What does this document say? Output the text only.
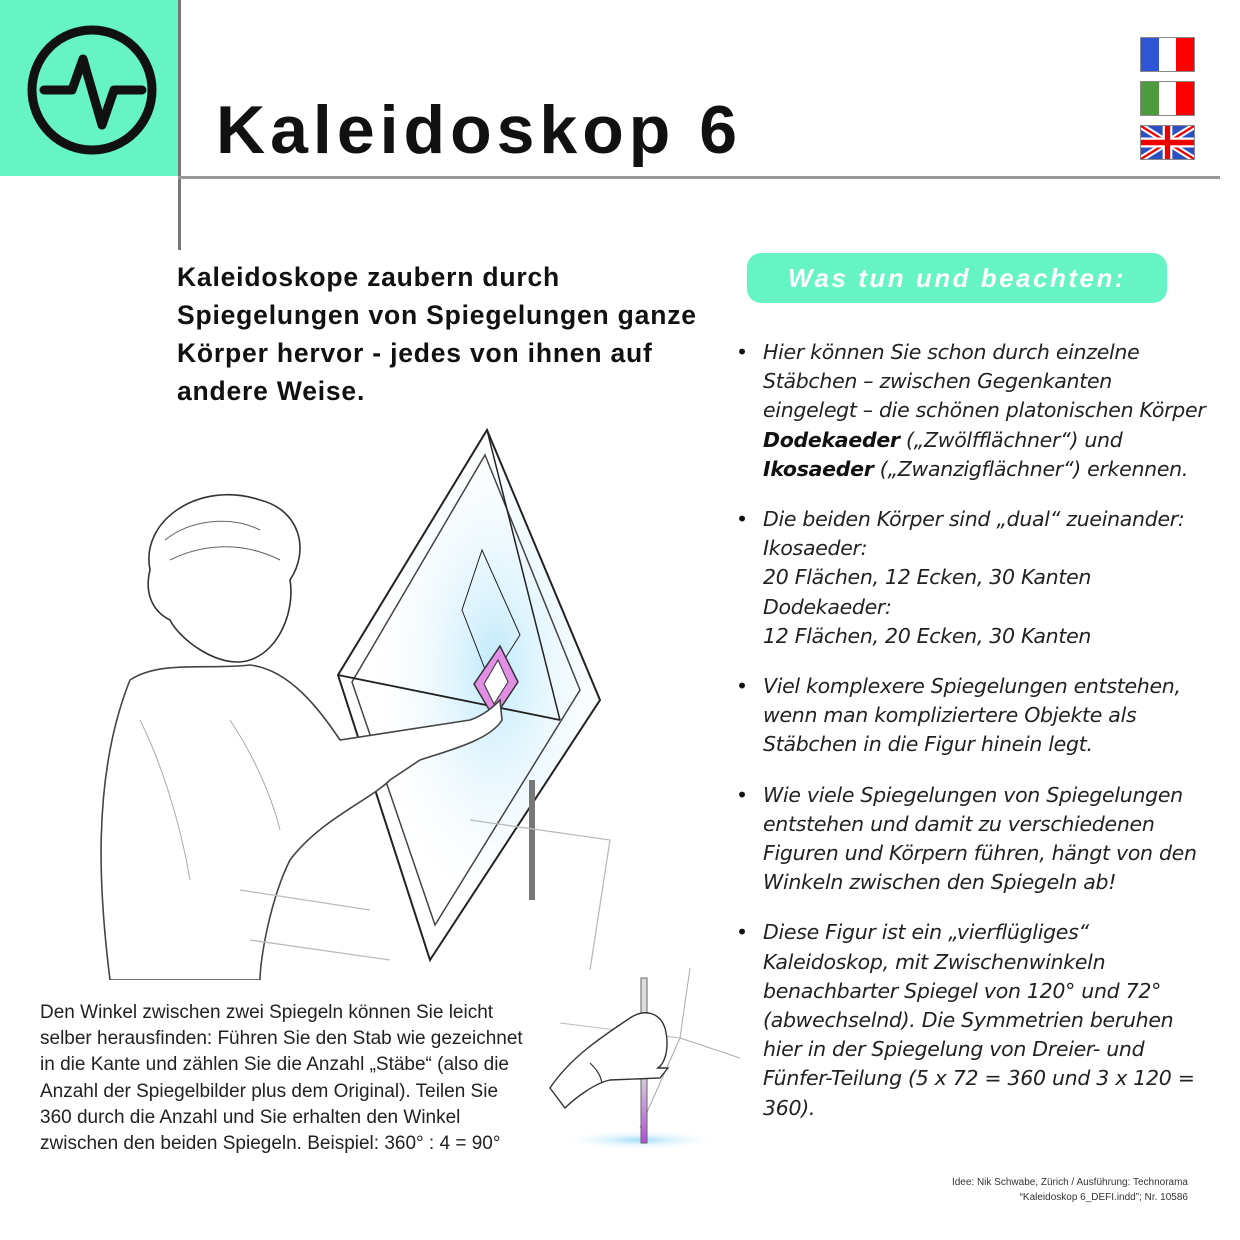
Kaleidoskop 6

Kaleidoskope zaubern durch Spiegelungen von Spiegelungen ganze Körper hervor - jedes von ihnen auf andere Weise.

Was tun und beachten:
• Hier können Sie schon durch einzelne Stäbchen – zwischen Gegenkanten eingelegt – die schönen platonischen Körper Dodekaeder („Zwölfflächner“) und Ikosaeder („Zwanzigflächner“) erkennen.
• Die beiden Körper sind „dual“ zueinander:
Ikosaeder:
20 Flächen, 12 Ecken, 30 Kanten
Dodekaeder:
12 Flächen, 20 Ecken, 30 Kanten
• Viel komplexere Spiegelungen entstehen, wenn man kompliziertere Objekte als Stäbchen in die Figur hinein legt.
• Wie viele Spiegelungen von Spiegelungen entstehen und damit zu verschiedenen Figuren und Körpern führen, hängt von den Winkeln zwischen den Spiegeln ab!
• Diese Figur ist ein „vierflügliges“ Kaleidoskop, mit Zwischenwinkeln benachbarter Spiegel von 120° und 72° (abwechselnd). Die Symmetrien beruhen hier in der Spiegelung von Dreier- und Fünfer-Teilung (5 x 72 = 360 und 3 x 120 = 360).

Den Winkel zwischen zwei Spiegeln können Sie leicht selber herausfinden: Führen Sie den Stab wie gezeichnet in die Kante und zählen Sie die Anzahl „Stäbe“ (also die Anzahl der Spiegelbilder plus dem Original). Teilen Sie 360 durch die Anzahl und Sie erhalten den Winkel zwischen den beiden Spiegeln. Beispiel: 360° : 4 = 90°

Idee: Nik Schwabe, Zürich / Ausführung: Technorama
“Kaleidoskop 6_DEFI.indd”; Nr. 10586
